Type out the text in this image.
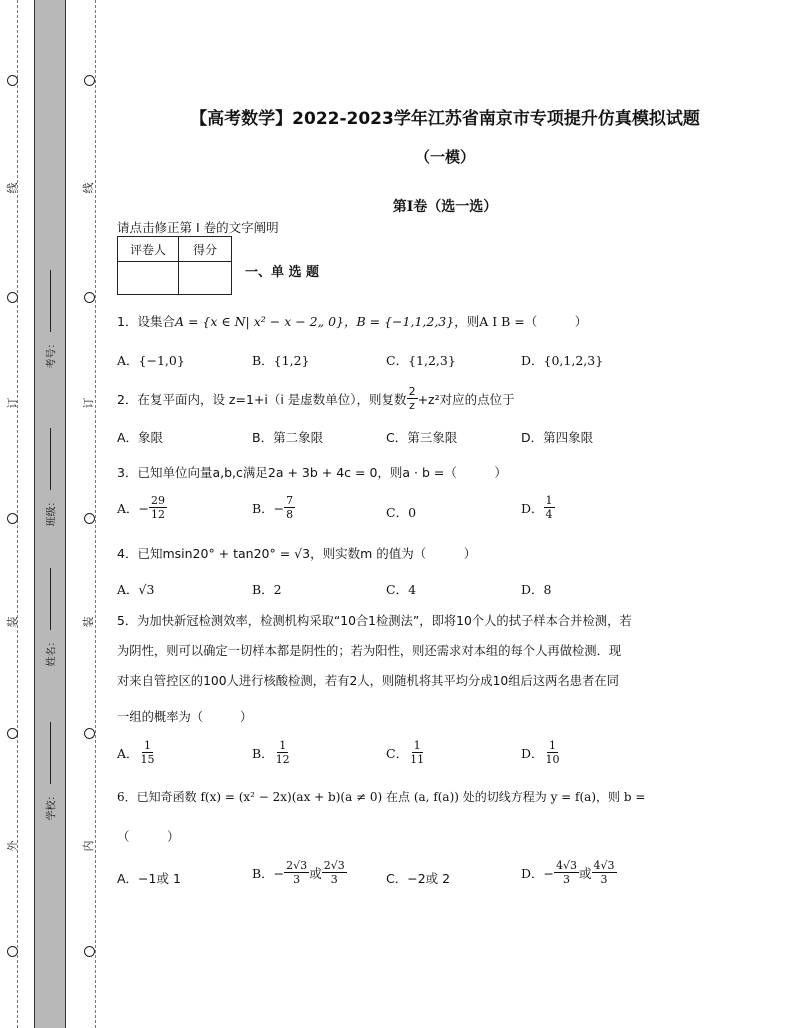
线
订
装
外
线
订
装
内
考号：
班级：
姓名：
学校：
【高考数学】2022-2023学年江苏省南京市专项提升仿真模拟试题
（一模）
第I卷（选一选）
请点击修正第 I 卷的文字阐明
评卷人	得分

一、单 选 题
1．设集合A = {x ∈ N| x² − x − 2„ 0}，B = {−1,1,2,3}，则A I B =（　　　）
A．{−1,0}	B．{1,2}	C．{1,2,3}	D．{0,1,2,3}
2．在复平面内，设 z=1+i（i 是虚数单位），则复数 $\frac{2}{z} +z^2$对应的点位于
A．象限	B．第二象限	C．第三象限	D．第四象限
3．已知单位向量a,b,c满足2a + 3b + 4c = 0，则a · b =（　　　）
A．− $\frac{29}{12}$	B．− $\frac{7}{8}$	C．0	D． $\frac{1}{4}$
4．已知msin20° + tan20° = √3，则实数m 的值为（　　　）
A．√3	B．2	C．4	D．8
5．为加快新冠检测效率，检测机构采取“10合1检测法”，即将10个人的拭子样本合并检测，若
为阴性，则可以确定一切样本都是阴性的；若为阳性，则还需求对本组的每个人再做检测．现
对来自管控区的100人进行核酸检测，若有2人，则随机将其平均分成10组后这两名患者在同
一组的概率为（　　　）
A． $\frac{1}{15}$	B． $\frac{1}{12}$	C． $\frac{1}{11}$	D． $\frac{1}{10}$
6．已知奇函数 f(x) = (x² − 2x)(ax + b)(a ≠ 0) 在点 (a, f(a)) 处的切线方程为 y = f(a)，则 b =
（　　　）
A．−1或 1	B．− $\frac{2√3}{3}$ 或 $\frac{2√3}{3}$	C．−2或 2	D．− $\frac{4√3}{3}$ 或 $\frac{4√3}{3}$
